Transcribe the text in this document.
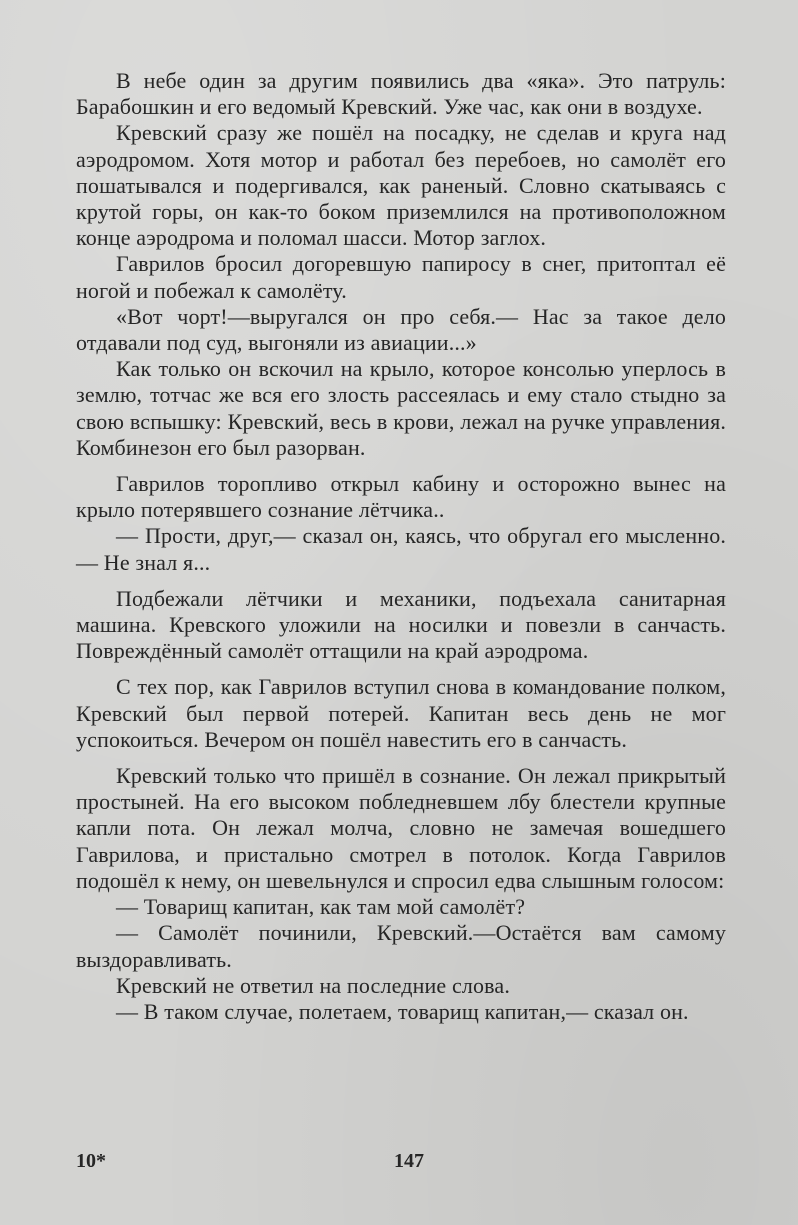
В небе один за другим появились два «яка». Это патруль: Барабошкин и его ведомый Кревский. Уже час, как они в воздухе.

Кревский сразу же пошёл на посадку, не сделав и круга над аэродромом. Хотя мотор и работал без перебоев, но самолёт его пошатывался и подергивался, как раненый. Словно скатываясь с крутой горы, он как-то боком приземлился на противоположном конце аэродрома и поломал шасси. Мотор заглох.

Гаврилов бросил догоревшую папиросу в снег, притоптал её ногой и побежал к самолёту.

«Вот чорт!—выругался он про себя.— Нас за такое дело отдавали под суд, выгоняли из авиации...»

Как только он вскочил на крыло, которое консолью уперлось в землю, тотчас же вся его злость рассеялась и ему стало стыдно за свою вспышку: Кревский, весь в крови, лежал на ручке управления. Комбинезон его был разорван.

Гаврилов торопливо открыл кабину и осторожно вынес на крыло потерявшего сознание лётчика..

— Прости, друг,— сказал он, каясь, что обругал его мысленно.— Не знал я...

Подбежали лётчики и механики, подъехала санитарная машина. Кревского уложили на носилки и повезли в санчасть. Повреждённый самолёт оттащили на край аэродрома.

С тех пор, как Гаврилов вступил снова в командование полком, Кревский был первой потерей. Капитан весь день не мог успокоиться. Вечером он пошёл навестить его в санчасть.

Кревский только что пришёл в сознание. Он лежал прикрытый простыней. На его высоком побледневшем лбу блестели крупные капли пота. Он лежал молча, словно не замечая вошедшего Гаврилова, и пристально смотрел в потолок. Когда Гаврилов подошёл к нему, он шевельнулся и спросил едва слышным голосом:

— Товарищ капитан, как там мой самолёт?

— Самолёт починили, Кревский.—Остаётся вам самому выздоравливать.

Кревский не ответил на последние слова.

— В таком случае, полетаем, товарищ капитан,— сказал он.

10*	147
